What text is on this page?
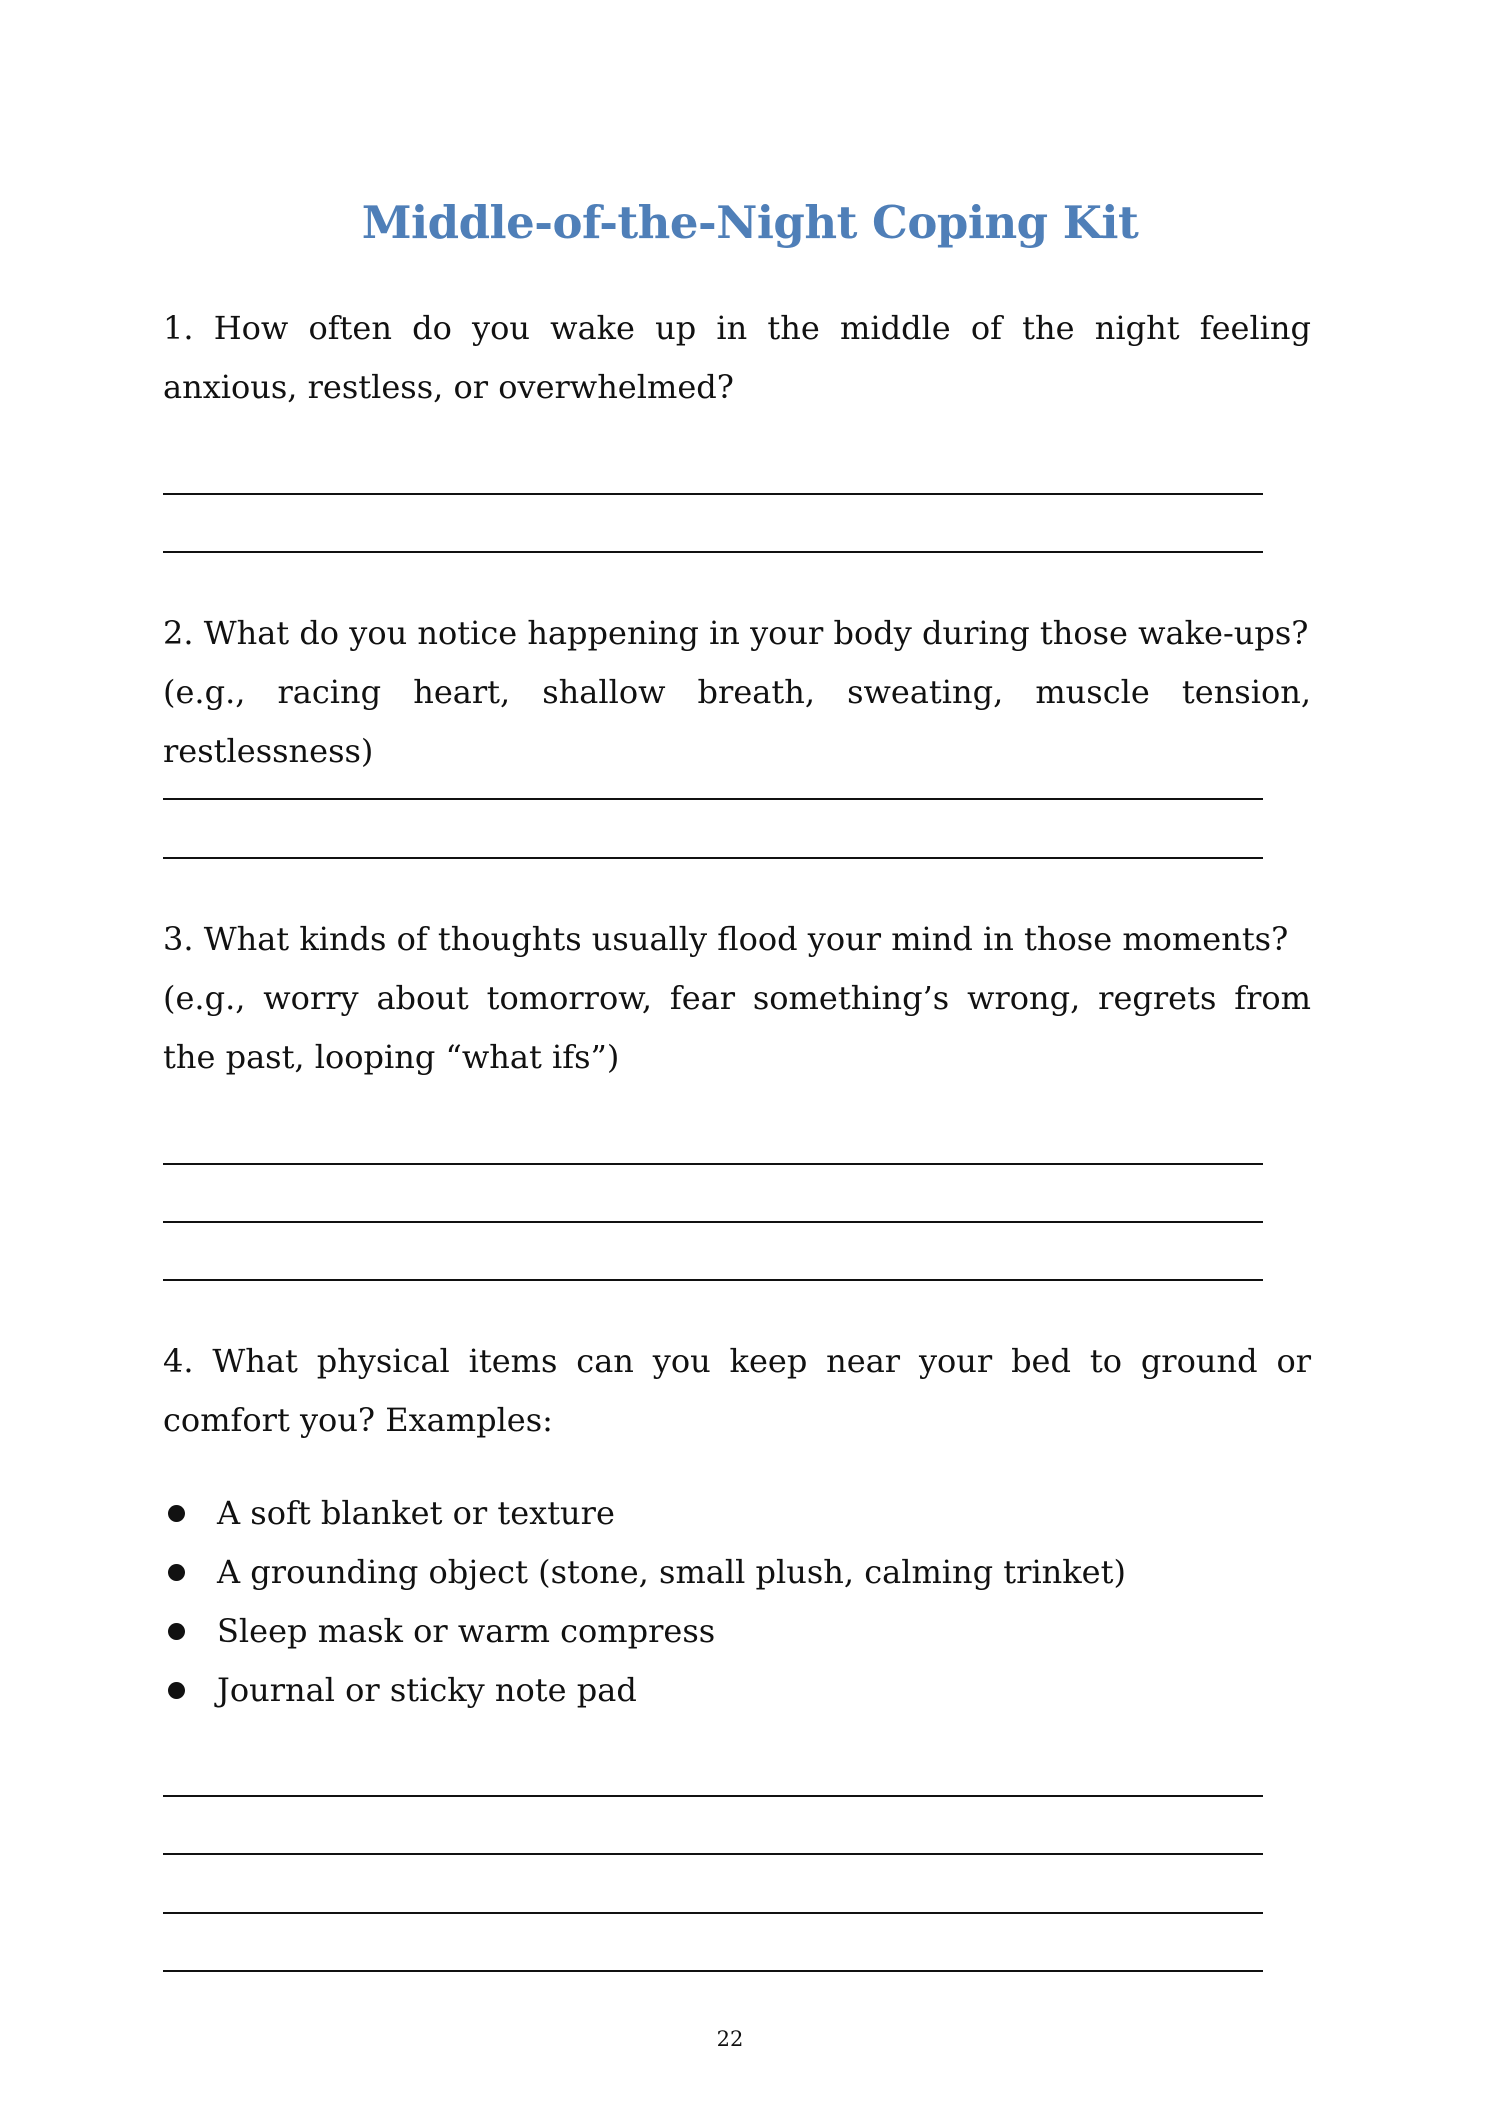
Middle-of-the-Night Coping Kit
1. How often do you wake up in the middle of the night feeling anxious, restless, or overwhelmed?
2. What do you notice happening in your body during those wake-ups?
(e.g., racing heart, shallow breath, sweating, muscle tension, restlessness)
3. What kinds of thoughts usually flood your mind in those moments?
(e.g., worry about tomorrow, fear something’s wrong, regrets from the past, looping “what ifs”)
4. What physical items can you keep near your bed to ground or comfort you? Examples:
A soft blanket or texture
A grounding object (stone, small plush, calming trinket)
Sleep mask or warm compress
Journal or sticky note pad
22
